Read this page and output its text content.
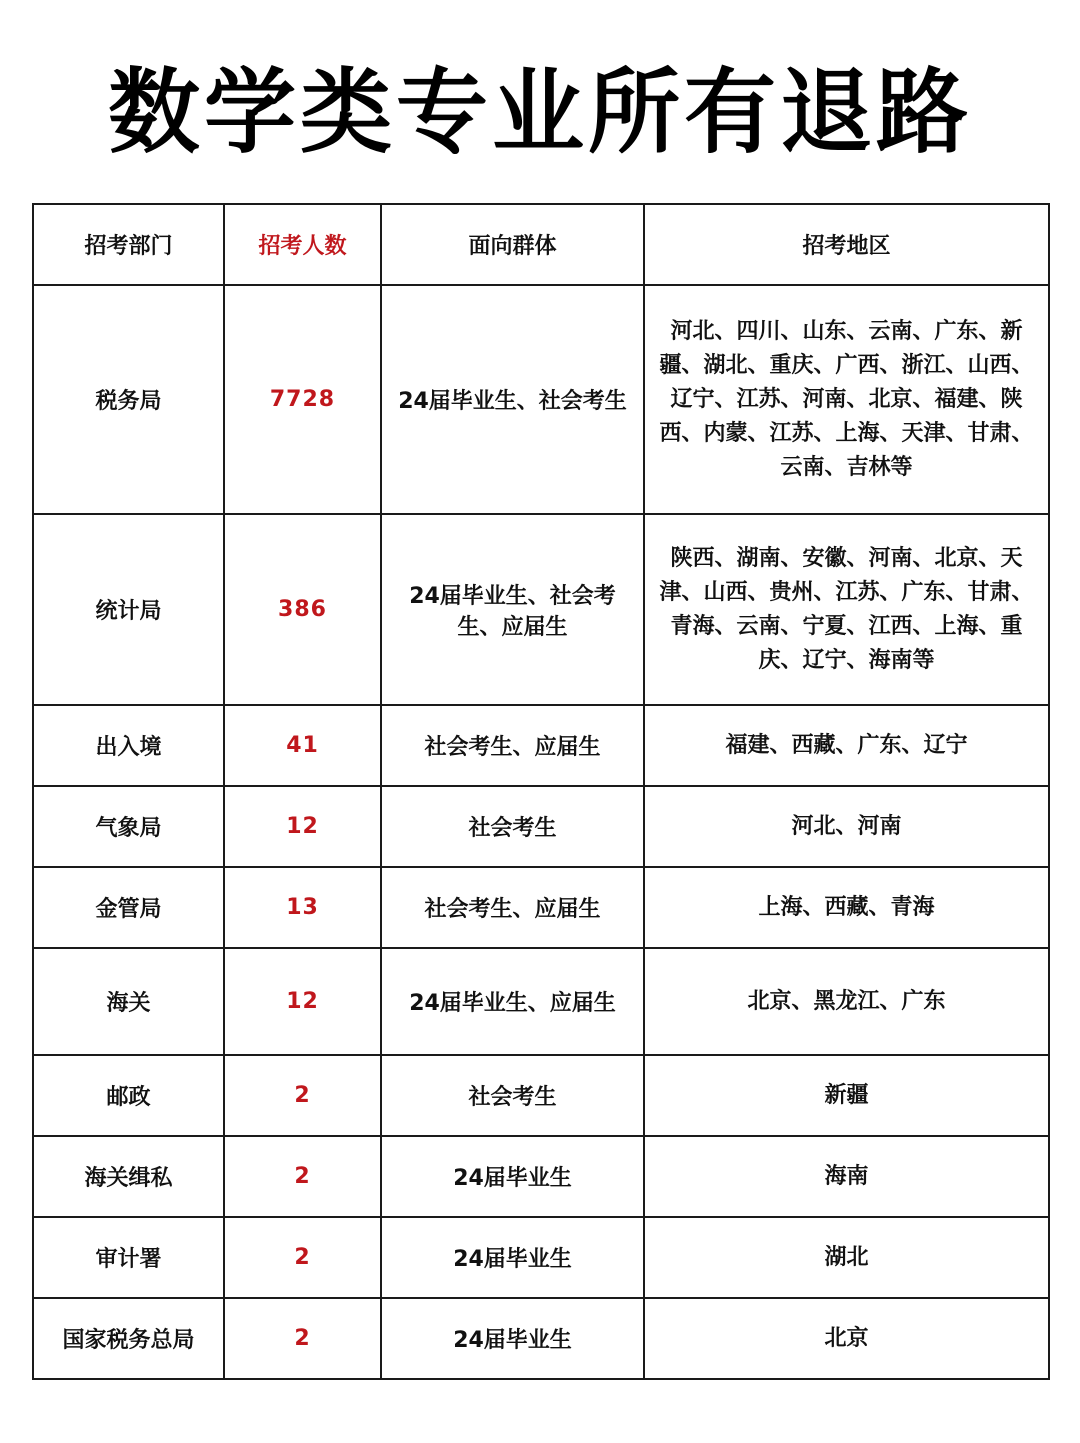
数学类专业所有退路
招考部门	招考人数	面向群体	招考地区
税务局	7728	24届毕业生、社会考生	河北、四川、山东、云南、广东、新疆、湖北、重庆、广西、浙江、山西、辽宁、江苏、河南、北京、福建、陕西、内蒙、江苏、上海、天津、甘肃、云南、吉林等
统计局	386	24届毕业生、社会考生、应届生	陕西、湖南、安徽、河南、北京、天津、山西、贵州、江苏、广东、甘肃、青海、云南、宁夏、江西、上海、重庆、辽宁、海南等
出入境	41	社会考生、应届生	福建、西藏、广东、辽宁
气象局	12	社会考生	河北、河南
金管局	13	社会考生、应届生	上海、西藏、青海
海关	12	24届毕业生、应届生	北京、黑龙江、广东
邮政	2	社会考生	新疆
海关缉私	2	24届毕业生	海南
审计署	2	24届毕业生	湖北
国家税务总局	2	24届毕业生	北京
